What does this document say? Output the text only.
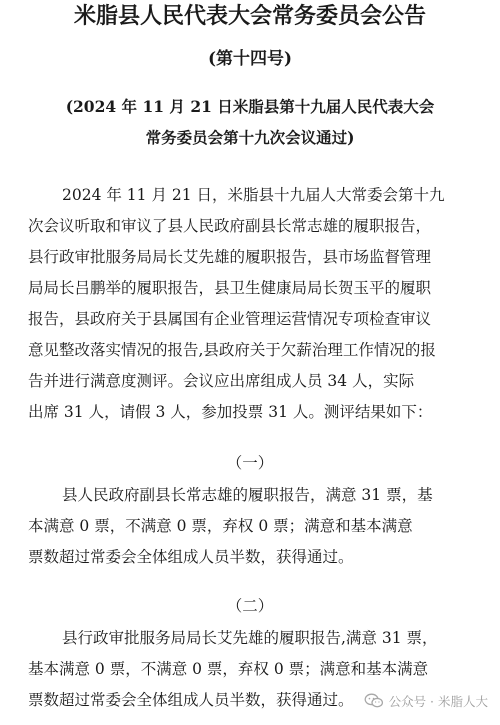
米脂县人民代表大会常务委员会公告
(第十四号)
(2024 年 11 月 21 日米脂县第十九届人民代表大会
常务委员会第十九次会议通过)
2024 年 11 月 21 日，米脂县十九届人大常委会第十九
次会议听取和审议了县人民政府副县长常志雄的履职报告，
县行政审批服务局局长艾先雄的履职报告，县市场监督管理
局局长吕鹏举的履职报告，县卫生健康局局长贺玉平的履职
报告，县政府关于县属国有企业管理运营情况专项检查审议
意见整改落实情况的报告,县政府关于欠薪治理工作情况的报
告并进行满意度测评。会议应出席组成人员 34 人，实际
出席 31 人，请假 3 人，参加投票 31 人。测评结果如下：
（一）
县人民政府副县长常志雄的履职报告，满意 31 票，基
本满意 0 票，不满意 0 票，弃权 0 票；满意和基本满意
票数超过常委会全体组成人员半数，获得通过。
（二）
县行政审批服务局局长艾先雄的履职报告,满意 31 票，
基本满意 0 票，不满意 0 票，弃权 0 票；满意和基本满意
票数超过常委会全体组成人员半数，获得通过。	公众号 · 米脂人大
